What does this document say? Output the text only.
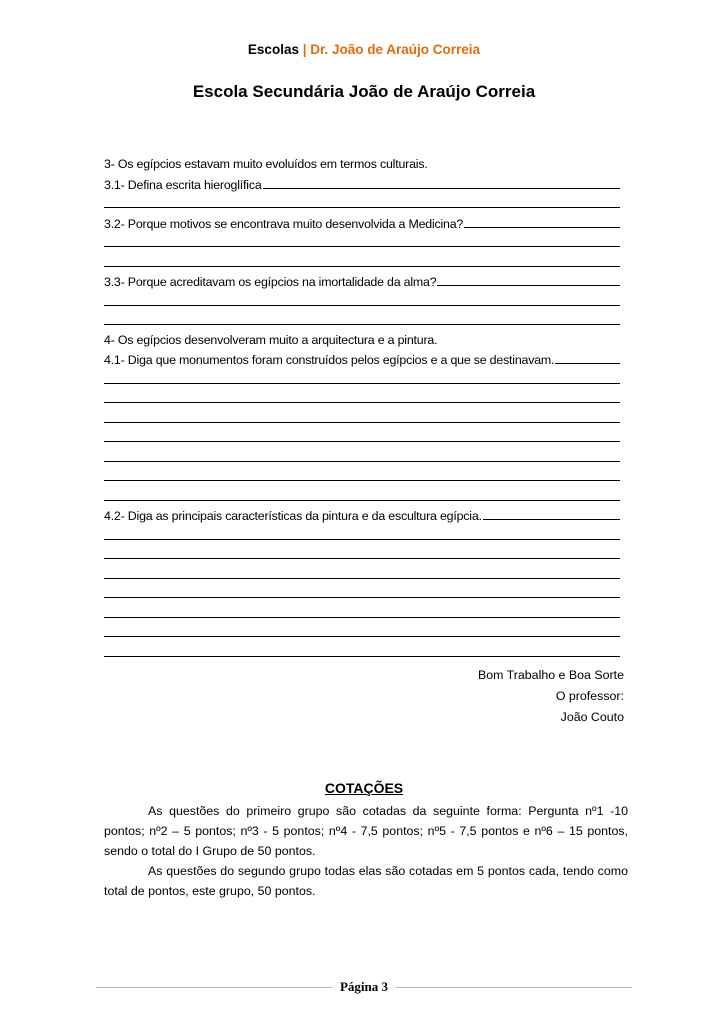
Escolas | Dr. João de Araújo Correia
Escola Secundária João de Araújo Correia
3- Os egípcios estavam muito evoluídos em termos culturais.
3.1- Defina escrita hieroglífica
3.2- Porque motivos se encontrava muito desenvolvida a Medicina?
3.3- Porque acreditavam os egípcios na imortalidade da alma?
4- Os egípcios desenvolveram muito a arquitectura e a pintura.
4.1- Diga que monumentos foram construídos pelos egípcios e a que se destinavam.
4.2- Diga as principais características da pintura e da escultura egípcia.
Bom Trabalho e Boa Sorte
O professor:
João Couto
COTAÇÕES

As questões do primeiro grupo são cotadas da seguinte forma: Pergunta nº1 -10 pontos; nº2 – 5 pontos; nº3 - 5 pontos; nº4 - 7,5 pontos; nº5 - 7,5 pontos e nº6 – 15 pontos, sendo o total do I Grupo de 50 pontos.

As questões do segundo grupo todas elas são cotadas em 5 pontos cada, tendo como total de pontos, este grupo, 50 pontos.

Página 3
